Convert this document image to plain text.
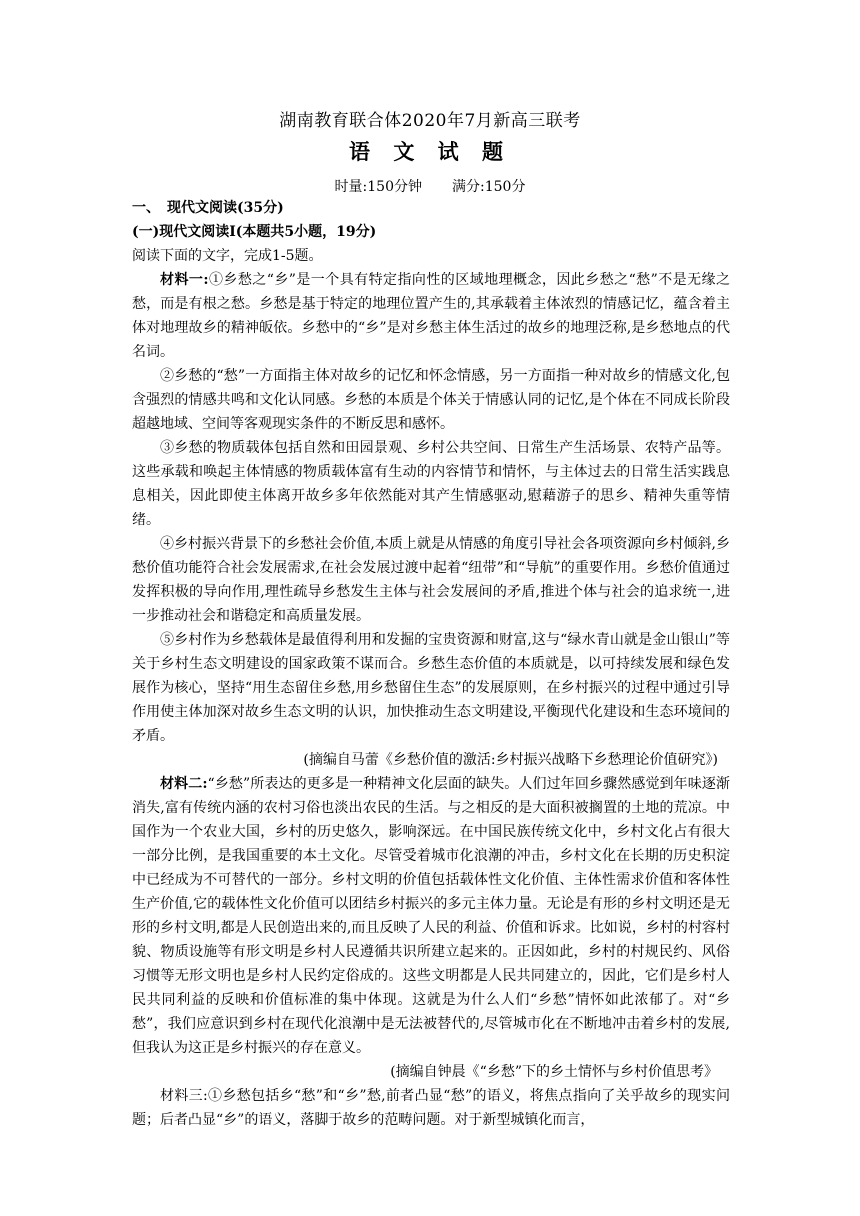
湖南教育联合体2020年7月新高三联考
语 文 试 题
时量:150分钟 满分:150分

一、　现代文阅读(35分)

(一)现代文阅读Ⅰ(本题共5小题，19分)

阅读下面的文字，完成1-5题。

材料一:①乡愁之“乡”是一个具有特定指向性的区域地理概念，因此乡愁之“愁”不是无缘之愁，而是有根之愁。乡愁是基于特定的地理位置产生的,其承载着主体浓烈的情感记忆，蕴含着主体对地理故乡的精神皈依。乡愁中的“乡”是对乡愁主体生活过的故乡的地理泛称,是乡愁地点的代名词。

②乡愁的“愁”一方面指主体对故乡的记忆和怀念情感，另一方面指一种对故乡的情感文化,包含强烈的情感共鸣和文化认同感。乡愁的本质是个体关于情感认同的记忆,是个体在不同成长阶段超越地域、空间等客观现实条件的不断反思和感怀。

③乡愁的物质载体包括自然和田园景观、乡村公共空间、日常生产生活场景、农特产品等。这些承载和唤起主体情感的物质载体富有生动的内容情节和情怀，与主体过去的日常生活实践息息相关，因此即使主体离开故乡多年依然能对其产生情感驱动,慰藉游子的思乡、精神失重等情绪。

④乡村振兴背景下的乡愁社会价值,本质上就是从情感的角度引导社会各项资源向乡村倾斜,乡愁价值功能符合社会发展需求,在社会发展过渡中起着“纽带”和“导航”的重要作用。乡愁价值通过发挥积极的导向作用,理性疏导乡愁发生主体与社会发展间的矛盾,推进个体与社会的追求统一,进一步推动社会和谐稳定和高质量发展。

⑤乡村作为乡愁载体是最值得利用和发掘的宝贵资源和财富,这与“绿水青山就是金山银山”等关于乡村生态文明建设的国家政策不谋而合。乡愁生态价值的本质就是，以可持续发展和绿色发展作为核心，坚持“用生态留住乡愁,用乡愁留住生态”的发展原则，在乡村振兴的过程中通过引导作用使主体加深对故乡生态文明的认识，加快推动生态文明建设,平衡现代化建设和生态环境间的矛盾。

(摘编自马蕾《乡愁价值的激活:乡村振兴战略下乡愁理论价值研究》)

材料二:“乡愁”所表达的更多是一种精神文化层面的缺失。人们过年回乡骤然感觉到年味逐渐消失,富有传统内涵的农村习俗也淡出农民的生活。与之相反的是大面积被搁置的土地的荒凉。中国作为一个农业大国，乡村的历史悠久，影响深远。在中国民族传统文化中，乡村文化占有很大一部分比例，是我国重要的本土文化。尽管受着城市化浪潮的冲击，乡村文化在长期的历史积淀中已经成为不可替代的一部分。乡村文明的价值包括载体性文化价值、主体性需求价值和客体性生产价值,它的载体性文化价值可以团结乡村振兴的多元主体力量。无论是有形的乡村文明还是无形的乡村文明,都是人民创造出来的,而且反映了人民的利益、价值和诉求。比如说，乡村的村容村貌、物质设施等有形文明是乡村人民遵循共识所建立起来的。正因如此，乡村的村规民约、风俗习惯等无形文明也是乡村人民约定俗成的。这些文明都是人民共同建立的，因此，它们是乡村人民共同利益的反映和价值标准的集中体现。这就是为什么人们“乡愁”情怀如此浓郁了。对“乡愁”，我们应意识到乡村在现代化浪潮中是无法被替代的,尽管城市化在不断地冲击着乡村的发展,但我认为这正是乡村振兴的存在意义。

(摘编自钟晨《“乡愁”下的乡土情怀与乡村价值思考》

材料三:①乡愁包括乡“愁”和“乡”愁,前者凸显“愁”的语义，将焦点指向了关乎故乡的现实问题；后者凸显“乡”的语义，落脚于故乡的范畴问题。对于新型城镇化而言，
